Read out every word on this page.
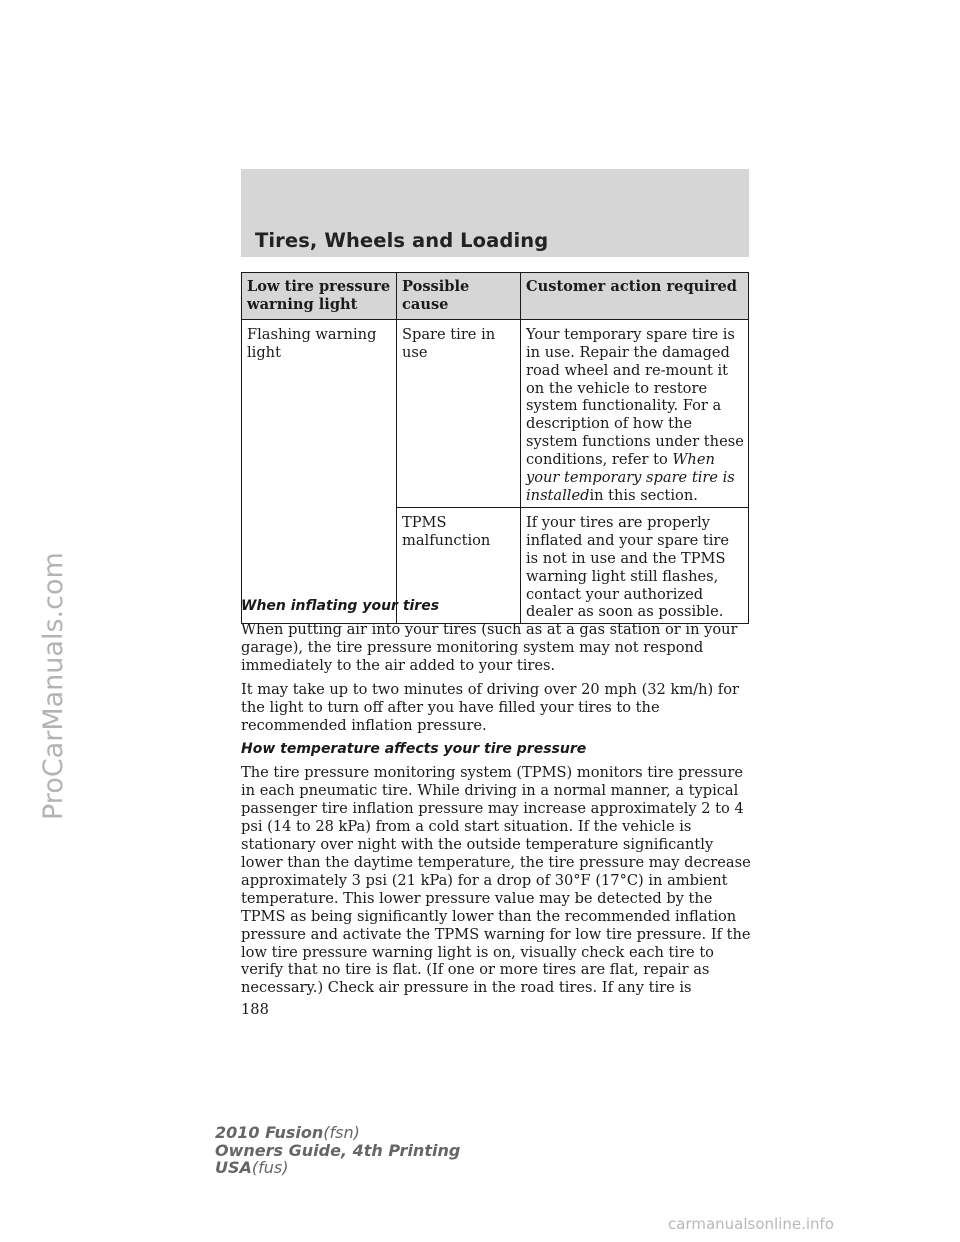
Tires, Wheels and Loading
Low tire pressure warning light	Possible cause	Customer action required
Flashing warning light	Spare tire in use	Your temporary spare tire is in use. Repair the damaged road wheel and re-mount it on the vehicle to restore system functionality. For a description of how the system functions under these conditions, refer to When your temporary spare tire is installedin this section.
	TPMS malfunction	If your tires are properly inflated and your spare tire is not in use and the TPMS warning light still flashes, contact your authorized dealer as soon as possible.
When inflating your tires

When putting air into your tires (such as at a gas station or in your garage), the tire pressure monitoring system may not respond immediately to the air added to your tires.

It may take up to two minutes of driving over 20 mph (32 km/h) for the light to turn off after you have filled your tires to the recommended inflation pressure.

How temperature affects your tire pressure

The tire pressure monitoring system (TPMS) monitors tire pressure in each pneumatic tire. While driving in a normal manner, a typical passenger tire inflation pressure may increase approximately 2 to 4 psi (14 to 28 kPa) from a cold start situation. If the vehicle is stationary over night with the outside temperature significantly lower than the daytime temperature, the tire pressure may decrease approximately 3 psi (21 kPa) for a drop of 30°F (17°C) in ambient temperature. This lower pressure value may be detected by the TPMS as being significantly lower than the recommended inflation pressure and activate the TPMS warning for low tire pressure. If the low tire pressure warning light is on, visually check each tire to verify that no tire is flat. (If one or more tires are flat, repair as necessary.) Check air pressure in the road tires. If any tire is

188
2010 Fusion(fsn)
Owners Guide, 4th Printing
USA(fus)
ProCarManuals.com
carmanualsonline.info
